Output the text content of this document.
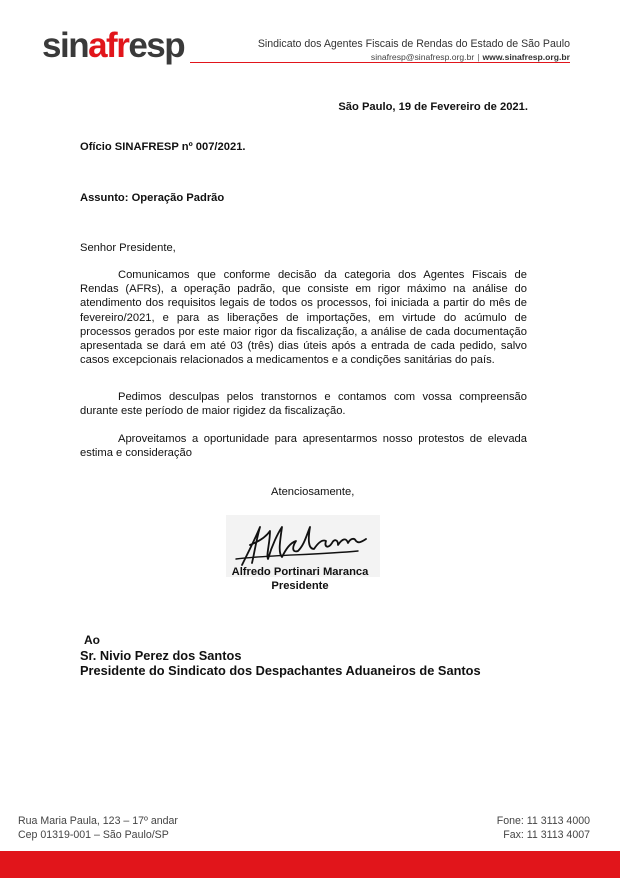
sinafresp	Sindicato dos Agentes Fiscais de Rendas do Estado de São Paulo
sinafresp@sinafresp.org.br | www.sinafresp.org.br
São Paulo, 19 de Fevereiro de 2021.
Ofício SINAFRESP nº 007/2021.
Assunto: Operação Padrão
Senhor Presidente,

Comunicamos que conforme decisão da categoria dos Agentes Fiscais de Rendas (AFRs), a operação padrão, que consiste em rigor máximo na análise do atendimento dos requisitos legais de todos os processos, foi iniciada a partir do mês de fevereiro/2021, e para as liberações de importações, em virtude do acúmulo de processos gerados por este maior rigor da fiscalização, a análise de cada documentação apresentada se dará em até 03 (três) dias úteis após a entrada de cada pedido, salvo casos excepcionais relacionados a medicamentos e a condições sanitárias do país.

Pedimos desculpas pelos transtornos e contamos com vossa compreensão durante este período de maior rigidez da fiscalização.

Aproveitamos a oportunidade para apresentarmos nosso protestos de elevada estima e consideração

Atenciosamente,
Alfredo Portinari Maranca
Presidente
Ao
Sr. Nivio Perez dos Santos
Presidente do Sindicato dos Despachantes Aduaneiros de Santos
Rua Maria Paula, 123 – 17º andar
Cep 01319-001 – São Paulo/SP
Fone: 11 3113 4000
Fax: 11 3113 4007
